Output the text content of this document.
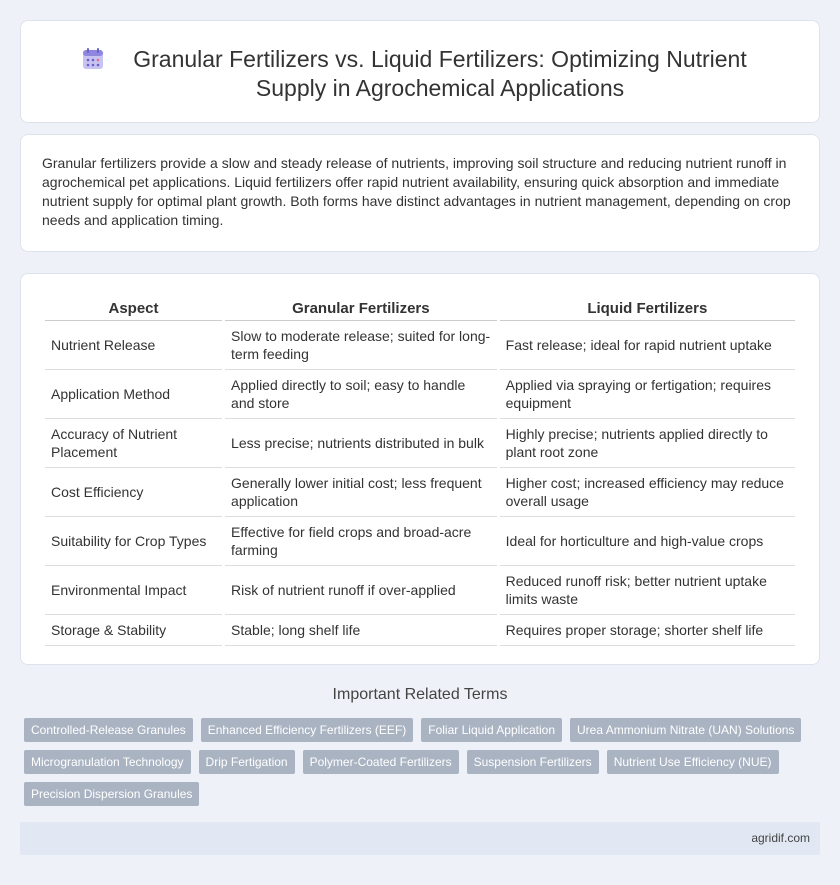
Granular Fertilizers vs. Liquid Fertilizers: Optimizing Nutrient Supply in Agrochemical Applications

Granular fertilizers provide a slow and steady release of nutrients, improving soil structure and reducing nutrient runoff in agrochemical pet applications. Liquid fertilizers offer rapid nutrient availability, ensuring quick absorption and immediate nutrient supply for optimal plant growth. Both forms have distinct advantages in nutrient management, depending on crop needs and application timing.

Aspect	Granular Fertilizers	Liquid Fertilizers
Nutrient Release	Slow to moderate release; suited for long-term feeding	Fast release; ideal for rapid nutrient uptake
Application Method	Applied directly to soil; easy to handle and store	Applied via spraying or fertigation; requires equipment
Accuracy of Nutrient Placement	Less precise; nutrients distributed in bulk	Highly precise; nutrients applied directly to plant root zone
Cost Efficiency	Generally lower initial cost; less frequent application	Higher cost; increased efficiency may reduce overall usage
Suitability for Crop Types	Effective for field crops and broad-acre farming	Ideal for horticulture and high-value crops
Environmental Impact	Risk of nutrient runoff if over-applied	Reduced runoff risk; better nutrient uptake limits waste
Storage & Stability	Stable; long shelf life	Requires proper storage; shorter shelf life
Important Related Terms
Controlled-Release Granules	Enhanced Efficiency Fertilizers (EEF)	Foliar Liquid Application	Urea Ammonium Nitrate (UAN) Solutions
Microgranulation Technology	Drip Fertigation	Polymer-Coated Fertilizers	Suspension Fertilizers	Nutrient Use Efficiency (NUE)
Precision Dispersion Granules
agridif.com
